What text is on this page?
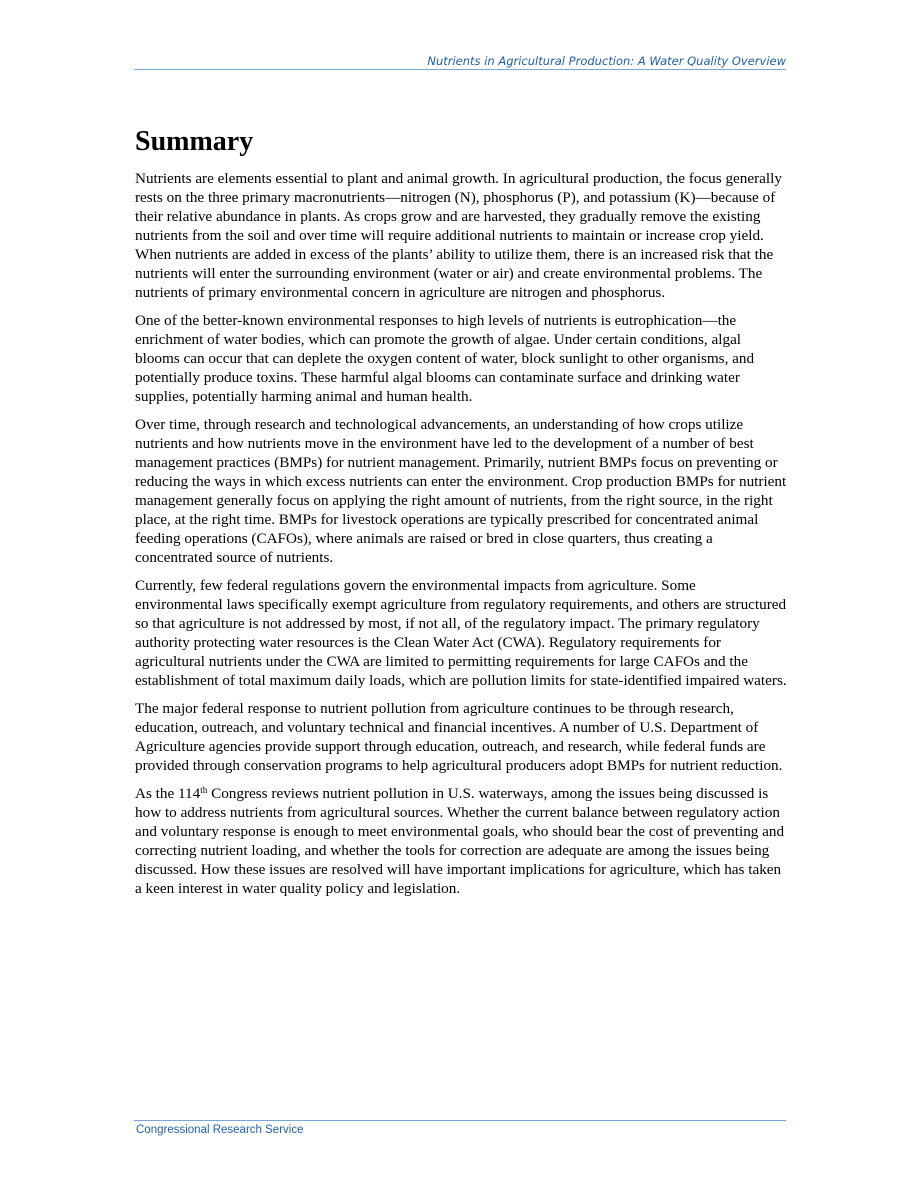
Nutrients in Agricultural Production: A Water Quality Overview
Summary

Nutrients are elements essential to plant and animal growth. In agricultural production, the focus generally rests on the three primary macronutrients—nitrogen (N), phosphorus (P), and potassium (K)—because of their relative abundance in plants. As crops grow and are harvested, they gradually remove the existing nutrients from the soil and over time will require additional nutrients to maintain or increase crop yield. When nutrients are added in excess of the plants’ ability to utilize them, there is an increased risk that the nutrients will enter the surrounding environment (water or air) and create environmental problems. The nutrients of primary environmental concern in agriculture are nitrogen and phosphorus.

One of the better-known environmental responses to high levels of nutrients is eutrophication—the enrichment of water bodies, which can promote the growth of algae. Under certain conditions, algal blooms can occur that can deplete the oxygen content of water, block sunlight to other organisms, and potentially produce toxins. These harmful algal blooms can contaminate surface and drinking water supplies, potentially harming animal and human health.

Over time, through research and technological advancements, an understanding of how crops utilize nutrients and how nutrients move in the environment have led to the development of a number of best management practices (BMPs) for nutrient management. Primarily, nutrient BMPs focus on preventing or reducing the ways in which excess nutrients can enter the environment. Crop production BMPs for nutrient management generally focus on applying the right amount of nutrients, from the right source, in the right place, at the right time. BMPs for livestock operations are typically prescribed for concentrated animal feeding operations (CAFOs), where animals are raised or bred in close quarters, thus creating a concentrated source of nutrients.

Currently, few federal regulations govern the environmental impacts from agriculture. Some environmental laws specifically exempt agriculture from regulatory requirements, and others are structured so that agriculture is not addressed by most, if not all, of the regulatory impact. The primary regulatory authority protecting water resources is the Clean Water Act (CWA). Regulatory requirements for agricultural nutrients under the CWA are limited to permitting requirements for large CAFOs and the establishment of total maximum daily loads, which are pollution limits for state-identified impaired waters.

The major federal response to nutrient pollution from agriculture continues to be through research, education, outreach, and voluntary technical and financial incentives. A number of U.S. Department of Agriculture agencies provide support through education, outreach, and research, while federal funds are provided through conservation programs to help agricultural producers adopt BMPs for nutrient reduction.

As the 114th Congress reviews nutrient pollution in U.S. waterways, among the issues being discussed is how to address nutrients from agricultural sources. Whether the current balance between regulatory action and voluntary response is enough to meet environmental goals, who should bear the cost of preventing and correcting nutrient loading, and whether the tools for correction are adequate are among the issues being discussed. How these issues are resolved will have important implications for agriculture, which has taken a keen interest in water quality policy and legislation.

Congressional Research Service
